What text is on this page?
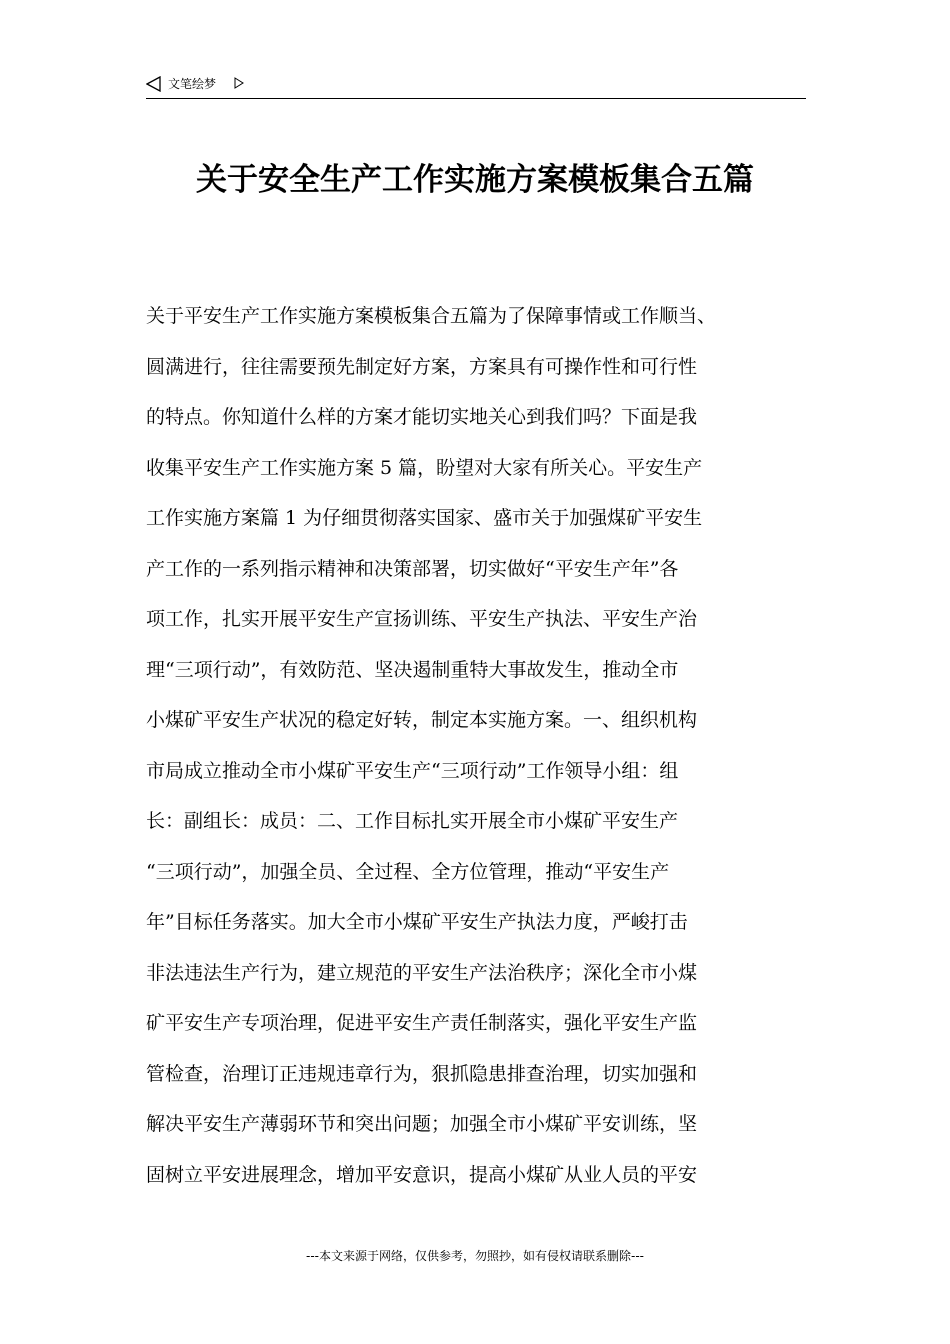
文笔绘梦
关于安全生产工作实施方案模板集合五篇
关于平安生产工作实施方案模板集合五篇为了保障事情或工作顺当、
圆满进行，往往需要预先制定好方案，方案具有可操作性和可行性
的特点。你知道什么样的方案才能切实地关心到我们吗？下面是我
收集平安生产工作实施方案 5 篇，盼望对大家有所关心。平安生产
工作实施方案篇 1 为仔细贯彻落实国家、盛市关于加强煤矿平安生
产工作的一系列指示精神和决策部署，切实做好“平安生产年”各
项工作，扎实开展平安生产宣扬训练、平安生产执法、平安生产治
理“三项行动”，有效防范、坚决遏制重特大事故发生，推动全市
小煤矿平安生产状况的稳定好转，制定本实施方案。一、组织机构
市局成立推动全市小煤矿平安生产“三项行动”工作领导小组：组
长：副组长：成员：二、工作目标扎实开展全市小煤矿平安生产
“三项行动”，加强全员、全过程、全方位管理，推动“平安生产
年”目标任务落实。加大全市小煤矿平安生产执法力度，严峻打击
非法违法生产行为，建立规范的平安生产法治秩序；深化全市小煤
矿平安生产专项治理，促进平安生产责任制落实，强化平安生产监
管检查，治理订正违规违章行为，狠抓隐患排查治理，切实加强和
解决平安生产薄弱环节和突出问题；加强全市小煤矿平安训练，坚
固树立平安进展理念，增加平安意识，提高小煤矿从业人员的平安
---本文来源于网络，仅供参考，勿照抄，如有侵权请联系删除---
